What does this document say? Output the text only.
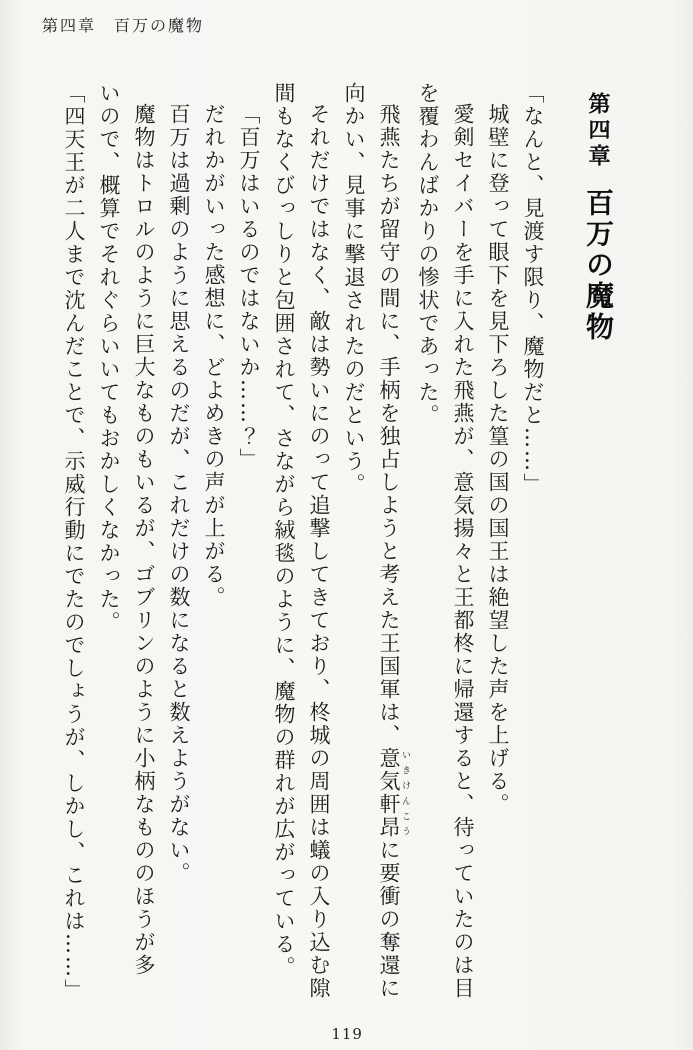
第四章　百万の魔物
第四章百万の魔物
「なんと、見渡す限り、魔物だと……」
城壁に登って眼下を見下ろした篁の国の国王は絶望した声を上げる。
愛剣セイバーを手に入れた飛燕が、意気揚々と王都柊に帰還すると、待っていたのは目
を覆わんばかりの惨状であった。
飛燕たちが留守の間に、手柄を独占しようと考えた王国軍は、意気軒昂 いきけんこうに要衝の奪還に
向かい、見事に撃退されたのだという。
それだけではなく、敵は勢いにのって追撃してきており、柊城の周囲は蟻の入り込む隙
間もなくびっしりと包囲されて、さながら絨毯のように、魔物の群れが広がっている。
「百万はいるのではないか……？」
だれかがいった感想に、どよめきの声が上がる。
百万は過剰のように思えるのだが、これだけの数になると数えようがない。
魔物はトロルのように巨大なものもいるが、ゴブリンのように小柄なもののほうが多
いので、概算でそれぐらいいてもおかしくなかった。
「四天王が二人まで沈んだことで、示威行動にでたのでしょうが、しかし、これは……」
119
